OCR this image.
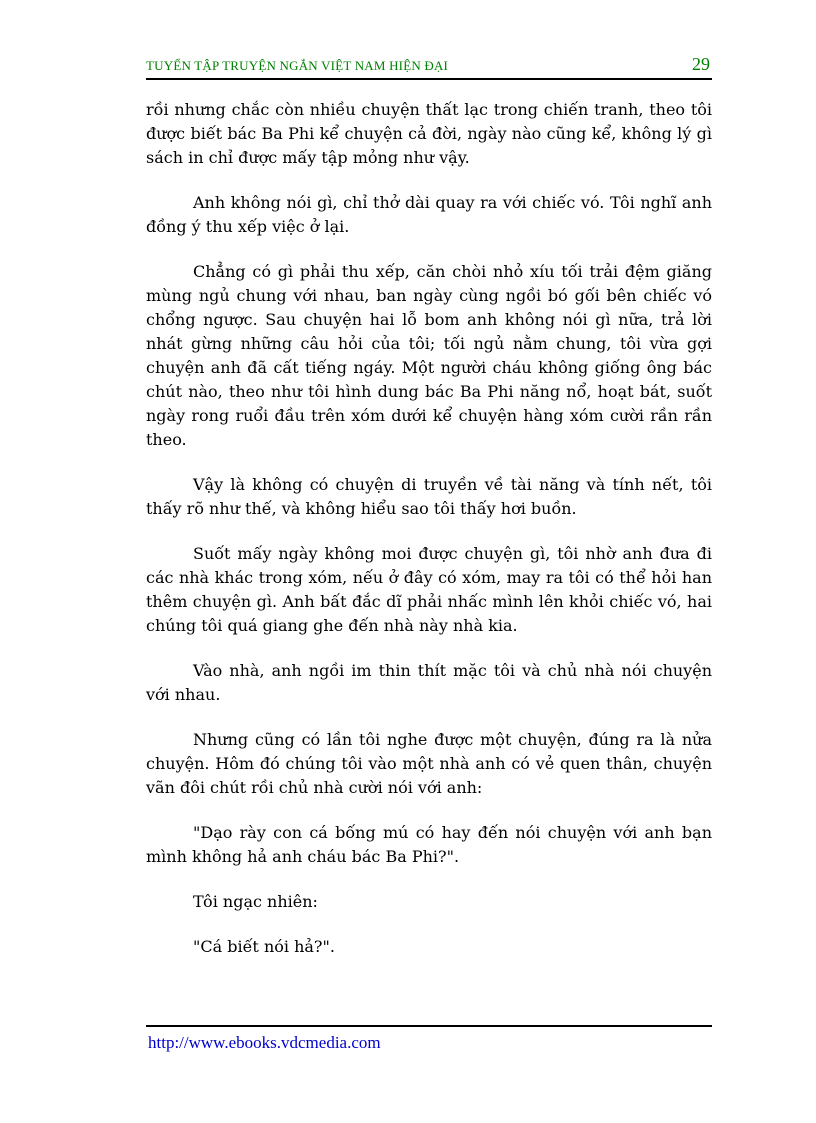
TUYỂN TẬP TRUYỆN NGẮN VIỆT NAM HIỆN ĐẠI	29

rồi nhưng chắc còn nhiều chuyện thất lạc trong chiến tranh, theo tôi được biết bác Ba Phi kể chuyện cả đời, ngày nào cũng kể, không lý gì sách in chỉ được mấy tập mỏng như vậy.

Anh không nói gì, chỉ thở dài quay ra với chiếc vó. Tôi nghĩ anh đồng ý thu xếp việc ở lại.

Chẳng có gì phải thu xếp, căn chòi nhỏ xíu tối trải đệm giăng mùng ngủ chung với nhau, ban ngày cùng ngồi bó gối bên chiếc vó chổng ngược. Sau chuyện hai lỗ bom anh không nói gì nữa, trả lời nhát gừng những câu hỏi của tôi; tối ngủ nằm chung, tôi vừa gợi chuyện anh đã cất tiếng ngáy. Một người cháu không giống ông bác chút nào, theo như tôi hình dung bác Ba Phi năng nổ, hoạt bát, suốt ngày rong ruổi đầu trên xóm dưới kể chuyện hàng xóm cười rần rần theo.

Vậy là không có chuyện di truyền về tài năng và tính nết, tôi thấy rõ như thế, và không hiểu sao tôi thấy hơi buồn.

Suốt mấy ngày không moi được chuyện gì, tôi nhờ anh đưa đi các nhà khác trong xóm, nếu ở đây có xóm, may ra tôi có thể hỏi han thêm chuyện gì. Anh bất đắc dĩ phải nhấc mình lên khỏi chiếc vó, hai chúng tôi quá giang ghe đến nhà này nhà kia.

Vào nhà, anh ngồi im thin thít mặc tôi và chủ nhà nói chuyện với nhau.

Nhưng cũng có lần tôi nghe được một chuyện, đúng ra là nửa chuyện. Hôm đó chúng tôi vào một nhà anh có vẻ quen thân, chuyện vãn đôi chút rồi chủ nhà cười nói với anh:

"Dạo rày con cá bống mú có hay đến nói chuyện với anh bạn mình không hả anh cháu bác Ba Phi?".

Tôi ngạc nhiên:

"Cá biết nói hả?".

http://www.ebooks.vdcmedia.com
